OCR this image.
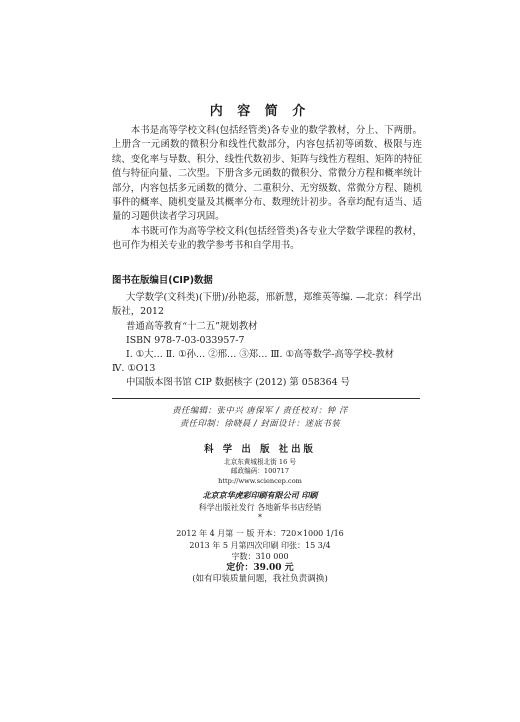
内 容 简 介

本书是高等学校文科(包括经管类)各专业的数学教材，分上、下两册。上册含一元函数的微积分和线性代数部分，内容包括初等函数、极限与连续、变化率与导数、积分、线性代数初步、矩阵与线性方程组、矩阵的特征值与特征向量、二次型。下册含多元函数的微积分、常微分方程和概率统计部分，内容包括多元函数的微分、二重积分、无穷级数、常微分方程、随机事件的概率、随机变量及其概率分布、数理统计初步。各章均配有适当、适量的习题供读者学习巩固。

本书既可作为高等学校文科(包括经管类)各专业大学数学课程的教材，也可作为相关专业的教学参考书和自学用书。

图书在版编目(CIP)数据
大学数学(文科类)(下册)/孙艳蕊，邢新慧，郑维英等编. —北京：科学出
版社，2012
普通高等教育“十二五”规划教材
ISBN 978-7-03-033957-7
Ⅰ. ①大… Ⅱ. ①孙… ②邢… ③郑… Ⅲ. ①高等数学-高等学校-教材
Ⅳ. ①O13
中国版本图书馆 CIP 数据核字 (2012) 第 058364 号
责任编辑：张中兴 唐保军 / 责任校对：钟 洋
责任印制：徐晓晨 / 封面设计：迷底书装
科 学 出 版 社出版
北京东黄城根北街 16 号
邮政编码：100717
http://www.sciencep.com
北京京华虎彩印刷有限公司 印刷
科学出版社发行 各地新华书店经销
*
2012 年 4 月第 一 版 开本：720×1000 1/16
2013 年 5 月第四次印刷 印张：15 3/4
字数：310 000
定价：39.00 元
(如有印装质量问题，我社负责调换)
